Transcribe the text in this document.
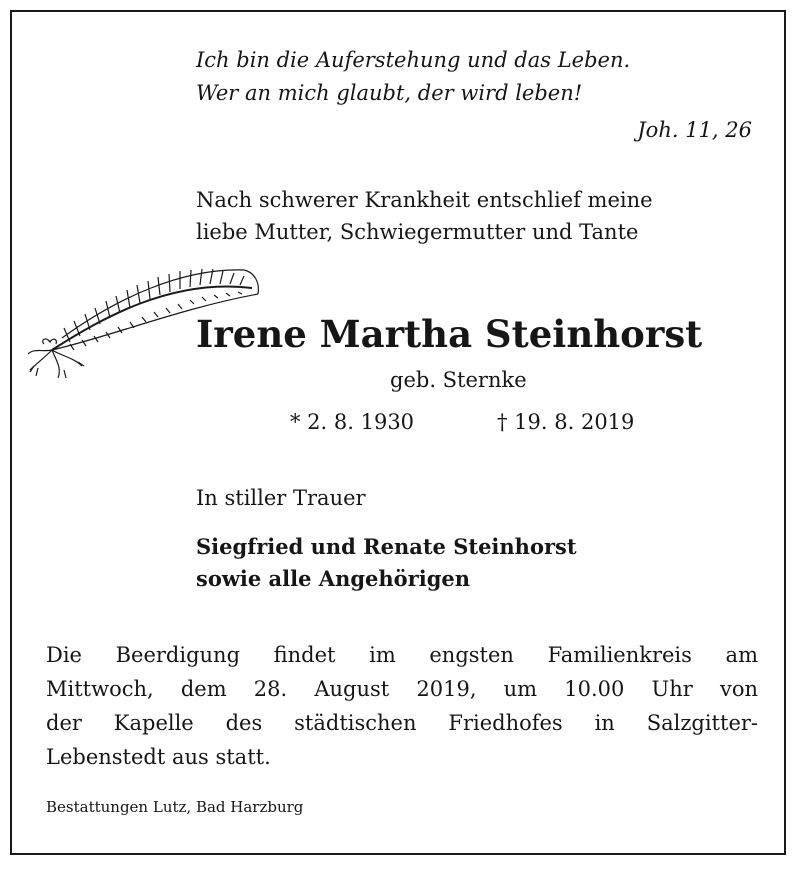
Ich bin die Auferstehung und das Leben.
Wer an mich glaubt, der wird leben!
Joh. 11, 26
Nach schwerer Krankheit entschlief meine
liebe Mutter, Schwiegermutter und Tante
Irene Martha Steinhorst
geb. Sternke
* 2. 8. 1930	† 19. 8. 2019
In stiller Trauer
Siegfried und Renate Steinhorst
sowie alle Angehörigen
Die Beerdigung findet im engsten Familienkreis am
Mittwoch, dem 28. August 2019, um 10.00 Uhr von
der Kapelle des städtischen Friedhofes in Salzgitter-
Lebenstedt aus statt.
Bestattungen Lutz, Bad Harzburg
